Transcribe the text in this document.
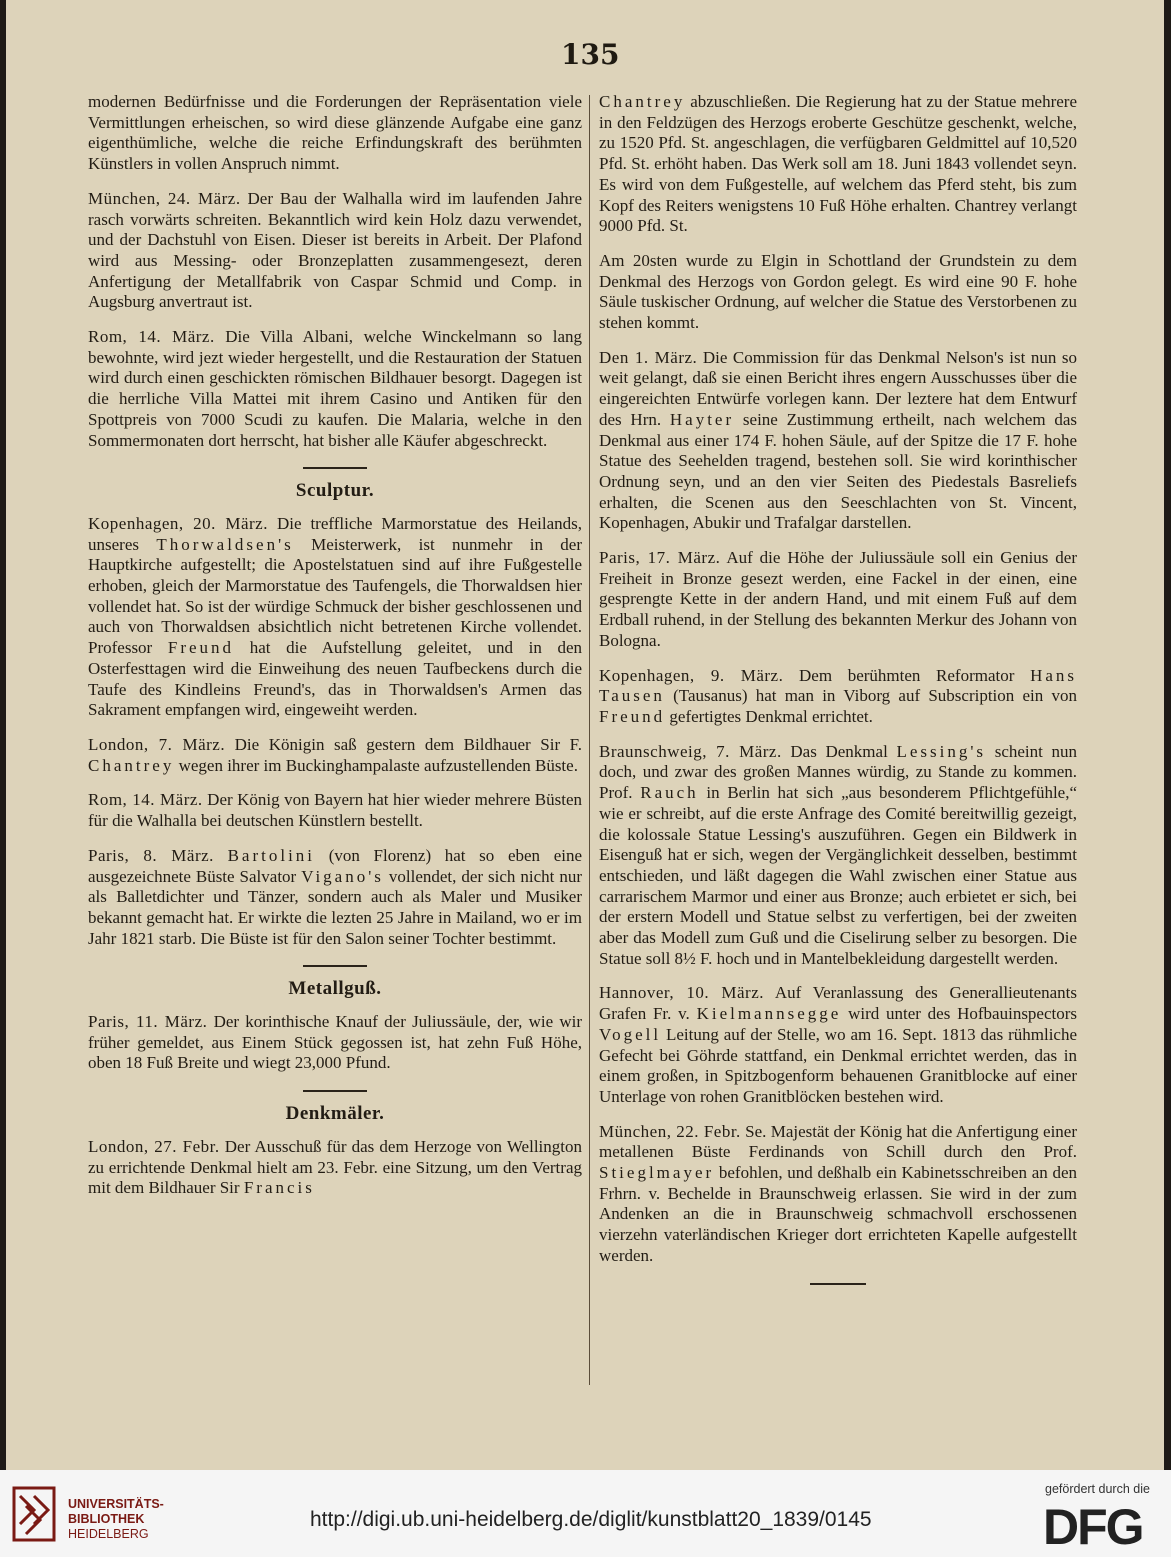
135

modernen Bedürfnisse und die Forderungen der Repräsentation viele Vermittlungen erheischen, so wird diese glänzende Aufgabe eine ganz eigenthümliche, welche die reiche Erfindungskraft des berühmten Künstlers in vollen Anspruch nimmt.

München, 24. März. Der Bau der Walhalla wird im laufenden Jahre rasch vorwärts schreiten. Bekanntlich wird kein Holz dazu verwendet, und der Dachstuhl von Eisen. Dieser ist bereits in Arbeit. Der Plafond wird aus Messing- oder Bronzeplatten zusammengesezt, deren Anfertigung der Metallfabrik von Caspar Schmid und Comp. in Augsburg anvertraut ist.

Rom, 14. März. Die Villa Albani, welche Winckelmann so lang bewohnte, wird jezt wieder hergestellt, und die Restauration der Statuen wird durch einen geschickten römischen Bildhauer besorgt. Dagegen ist die herrliche Villa Mattei mit ihrem Casino und Antiken für den Spottpreis von 7000 Scudi zu kaufen. Die Malaria, welche in den Sommermonaten dort herrscht, hat bisher alle Käufer abgeschreckt.

Sculptur.

Kopenhagen, 20. März. Die treffliche Marmorstatue des Heilands, unseres Thorwaldsen's Meisterwerk, ist nunmehr in der Hauptkirche aufgestellt; die Apostelstatuen sind auf ihre Fußgestelle erhoben, gleich der Marmorstatue des Taufengels, die Thorwaldsen hier vollendet hat. So ist der würdige Schmuck der bisher geschlossenen und auch von Thorwaldsen absichtlich nicht betretenen Kirche vollendet. Professor Freund hat die Aufstellung geleitet, und in den Osterfesttagen wird die Einweihung des neuen Taufbeckens durch die Taufe des Kindleins Freund's, das in Thorwaldsen's Armen das Sakrament empfangen wird, eingeweiht werden.

London, 7. März. Die Königin saß gestern dem Bildhauer Sir F. Chantrey wegen ihrer im Buckinghampalaste aufzustellenden Büste.

Rom, 14. März. Der König von Bayern hat hier wieder mehrere Büsten für die Walhalla bei deutschen Künstlern bestellt.

Paris, 8. März. Bartolini (von Florenz) hat so eben eine ausgezeichnete Büste Salvator Vigano's vollendet, der sich nicht nur als Balletdichter und Tänzer, sondern auch als Maler und Musiker bekannt gemacht hat. Er wirkte die lezten 25 Jahre in Mailand, wo er im Jahr 1821 starb. Die Büste ist für den Salon seiner Tochter bestimmt.

Metallguß.

Paris, 11. März. Der korinthische Knauf der Juliussäule, der, wie wir früher gemeldet, aus Einem Stück gegossen ist, hat zehn Fuß Höhe, oben 18 Fuß Breite und wiegt 23,000 Pfund.

Denkmäler.

London, 27. Febr. Der Ausschuß für das dem Herzoge von Wellington zu errichtende Denkmal hielt am 23. Febr. eine Sitzung, um den Vertrag mit dem Bildhauer Sir Francis

Chantrey abzuschließen. Die Regierung hat zu der Statue mehrere in den Feldzügen des Herzogs eroberte Geschütze geschenkt, welche, zu 1520 Pfd. St. angeschlagen, die verfügbaren Geldmittel auf 10,520 Pfd. St. erhöht haben. Das Werk soll am 18. Juni 1843 vollendet seyn. Es wird von dem Fußgestelle, auf welchem das Pferd steht, bis zum Kopf des Reiters wenigstens 10 Fuß Höhe erhalten. Chantrey verlangt 9000 Pfd. St.

Am 20sten wurde zu Elgin in Schottland der Grundstein zu dem Denkmal des Herzogs von Gordon gelegt. Es wird eine 90 F. hohe Säule tuskischer Ordnung, auf welcher die Statue des Verstorbenen zu stehen kommt.

Den 1. März. Die Commission für das Denkmal Nelson's ist nun so weit gelangt, daß sie einen Bericht ihres engern Ausschusses über die eingereichten Entwürfe vorlegen kann. Der leztere hat dem Entwurf des Hrn. Hayter seine Zustimmung ertheilt, nach welchem das Denkmal aus einer 174 F. hohen Säule, auf der Spitze die 17 F. hohe Statue des Seehelden tragend, bestehen soll. Sie wird korinthischer Ordnung seyn, und an den vier Seiten des Piedestals Basreliefs erhalten, die Scenen aus den Seeschlachten von St. Vincent, Kopenhagen, Abukir und Trafalgar darstellen.

Paris, 17. März. Auf die Höhe der Juliussäule soll ein Genius der Freiheit in Bronze gesezt werden, eine Fackel in der einen, eine gesprengte Kette in der andern Hand, und mit einem Fuß auf dem Erdball ruhend, in der Stellung des bekannten Merkur des Johann von Bologna.

Kopenhagen, 9. März. Dem berühmten Reformator Hans Tausen (Tausanus) hat man in Viborg auf Subscription ein von Freund gefertigtes Denkmal errichtet.

Braunschweig, 7. März. Das Denkmal Lessing's scheint nun doch, und zwar des großen Mannes würdig, zu Stande zu kommen. Prof. Rauch in Berlin hat sich „aus besonderem Pflichtgefühle,“ wie er schreibt, auf die erste Anfrage des Comité bereitwillig gezeigt, die kolossale Statue Lessing's auszuführen. Gegen ein Bildwerk in Eisenguß hat er sich, wegen der Vergänglichkeit desselben, bestimmt entschieden, und läßt dagegen die Wahl zwischen einer Statue aus carrarischem Marmor und einer aus Bronze; auch erbietet er sich, bei der erstern Modell und Statue selbst zu verfertigen, bei der zweiten aber das Modell zum Guß und die Ciselirung selber zu besorgen. Die Statue soll 8½ F. hoch und in Mantelbekleidung dargestellt werden.

Hannover, 10. März. Auf Veranlassung des Generallieutenants Grafen Fr. v. Kielmannsegge wird unter des Hofbauinspectors Vogell Leitung auf der Stelle, wo am 16. Sept. 1813 das rühmliche Gefecht bei Göhrde stattfand, ein Denkmal errichtet werden, das in einem großen, in Spitzbogenform behauenen Granitblocke auf einer Unterlage von rohen Granitblöcken bestehen wird.

München, 22. Febr. Se. Majestät der König hat die Anfertigung einer metallenen Büste Ferdinands von Schill durch den Prof. Stieglmayer befohlen, und deßhalb ein Kabinetsschreiben an den Frhrn. v. Bechelde in Braunschweig erlassen. Sie wird in der zum Andenken an die in Braunschweig schmachvoll erschossenen vierzehn vaterländischen Krieger dort errichteten Kapelle aufgestellt werden.

UNIVERSITÄTS-
BIBLIOTHEK
HEIDELBERG
http://digi.ub.uni-heidelberg.de/diglit/kunstblatt20_1839/0145
gefördert durch die
DFG
